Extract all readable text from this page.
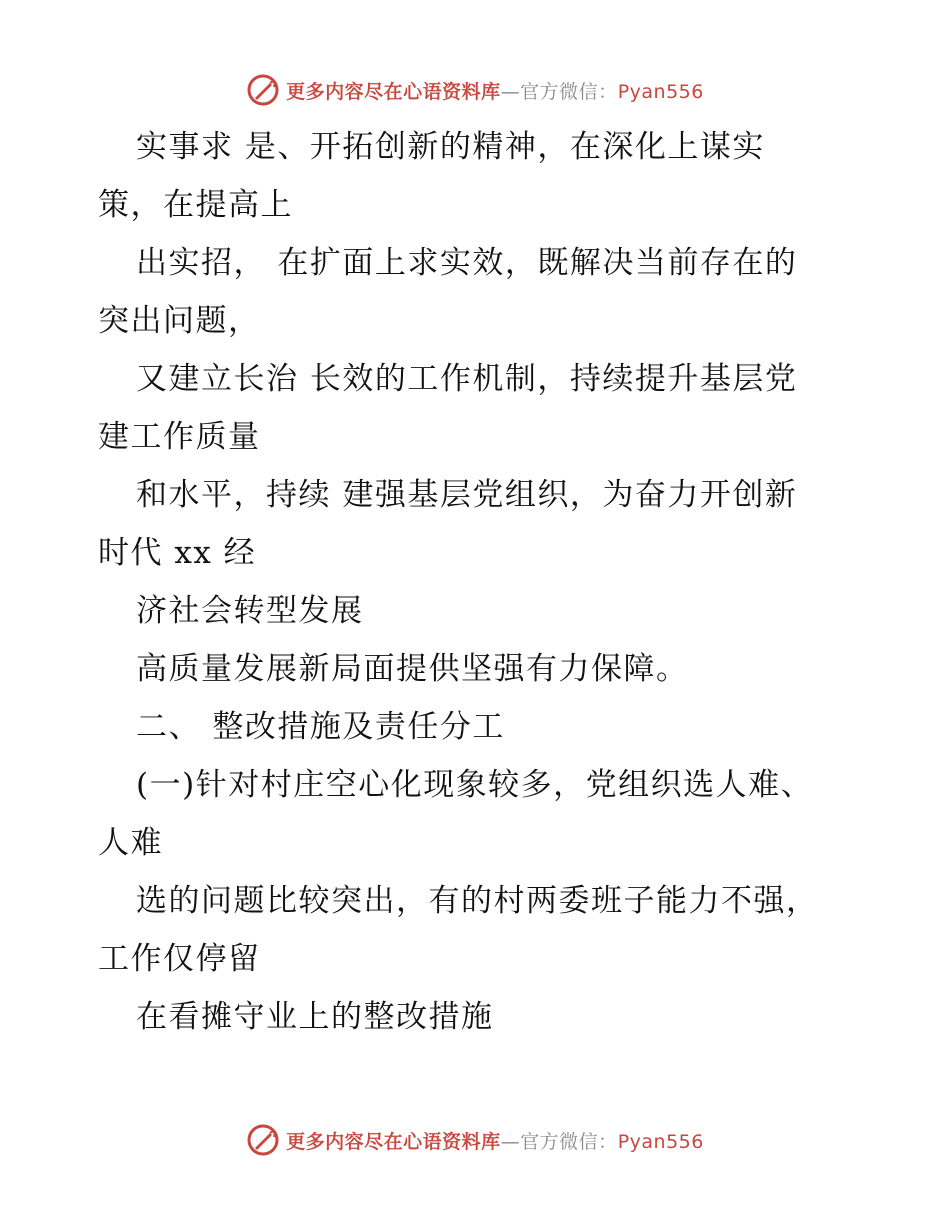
更多内容尽在心语资料库—官方微信：Pyan556
实事求 是、开拓创新的精神，在深化上谋实
策，在提高上
出实招， 在扩面上求实效，既解决当前存在的
突出问题，
又建立长治 长效的工作机制，持续提升基层党
建工作质量
和水平，持续 建强基层党组织，为奋力开创新
时代 xx 经
济社会转型发展
高质量发展新局面提供坚强有力保障。
二、 整改措施及责任分工
(一)针对村庄空心化现象较多，党组织选人难、
人难
选的问题比较突出，有的村两委班子能力不强，
工作仅停留
在看摊守业上的整改措施
更多内容尽在心语资料库—官方微信：Pyan556
